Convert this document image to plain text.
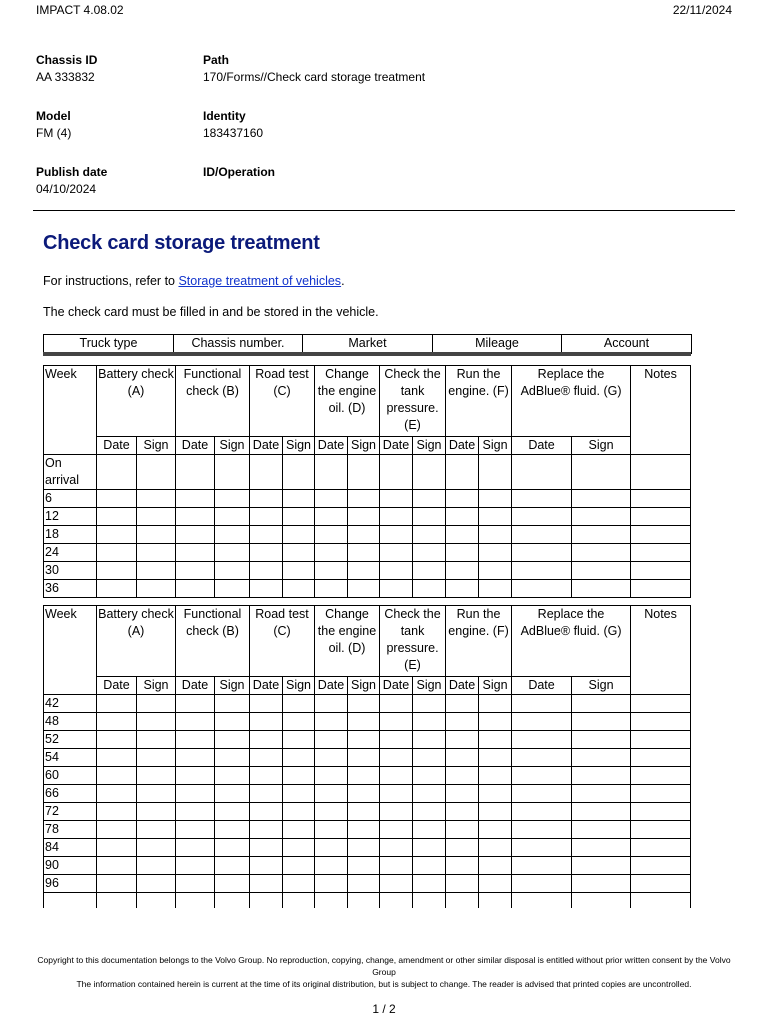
IMPACT 4.08.02	22/11/2024
Chassis ID
AA 333832
Path
170/Forms//Check card storage treatment
Model
FM (4)
Identity
183437160
Publish date
04/10/2024
ID/Operation
Check card storage treatment
For instructions, refer to Storage treatment of vehicles.
The check card must be filled in and be stored in the vehicle.
Truck type	Chassis number.	Market	Mileage	Account
Week	Battery check (A)		Functional check (B)		Road test (C)		Change the engine oil. (D)		Check the tank pressure. (E)		Run the engine. (F)		Replace the AdBlue® fluid. (G)		Notes
	Date	Sign	Date	Sign	Date	Sign	Date	Sign	Date	Sign	Date	Sign	Date	Sign	
On arrival															
6															
12															
18															
24															
30															
36															
Week	Battery check (A)		Functional check (B)		Road test (C)		Change the engine oil. (D)		Check the tank pressure. (E)		Run the engine. (F)		Replace the AdBlue® fluid. (G)		Notes
	Date	Sign	Date	Sign	Date	Sign	Date	Sign	Date	Sign	Date	Sign	Date	Sign	
42															
48															
52															
54															
60															
66															
72															
78															
84															
90															
96															

Copyright to this documentation belongs to the Volvo Group. No reproduction, copying, change, amendment or other similar disposal is entitled without prior written consent by the Volvo Group
The information contained herein is current at the time of its original distribution, but is subject to change. The reader is advised that printed copies are uncontrolled.
1 / 2
